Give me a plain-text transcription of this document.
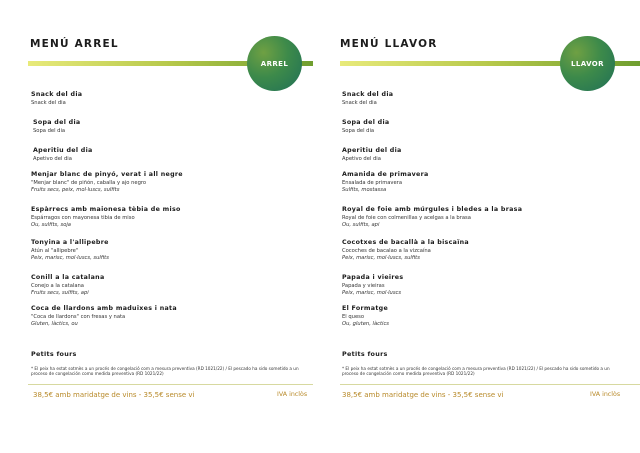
MENÚ ARREL
ARREL
Snack del dia
Snack del dia
Sopa del dia
Sopa del dia
Aperitiu del dia
Apetivo del dia
Menjar blanc de pinyó, verat i all negre
"Menjar blanc" de piñón, caballa y ajo negro
Fruits secs, peix, mol·luscs, sulfits
Espàrrecs amb maionesa tèbia de miso
Espárragos con mayonesa tibia de miso
Ou, sulfits, soja
Tonyina a l'allipebre
Atún al "allipebre"
Peix, marisc, mol·luscs, sulfits
Conill a la catalana
Conejo a la catalana
Fruits secs, sulfits, api
Coca de llardons amb maduixes i nata
"Coca de llardons" con fresas y nata
Gluten, làctics, ou
Petits fours
* El peix ha estat sotmès a un procés de congelació com a mesura preventiva (RD 1021/22) / El pescado ha sido sometido a un proceso de congelación como medida preventiva (RD 1021/22)
38,5€ amb maridatge de vins - 35,5€ sense vi	IVA inclòs
MENÚ LLAVOR
LLAVOR
Snack del dia
Snack del dia
Sopa del dia
Sopa del dia
Aperitiu del dia
Apetivo del dia
Amanida de primavera
Ensalada de primavera
Sulfits, mostassa
Royal de foie amb múrgules i bledes a la brasa
Royal de foie con colmenillas y acelgas a la brasa
Ou, sulfits, api
Cocotxes de bacallà a la biscaïna
Cocoches de bacalao a la vizcaína
Peix, marisc, mol·luscs, sulfits
Papada i vieires
Papada y vieiras
Peix, marisc, mol·luscs
El Formatge
El queso
Ou, gluten, làctics
Petits fours
* El peix ha estat sotmès a un procés de congelació com a mesura preventiva (RD 1021/22) / El pescado ha sido sometido a un proceso de congelación como medida preventiva (RD 1021/22)
38,5€ amb maridatge de vins - 35,5€ sense vi	IVA inclòs
